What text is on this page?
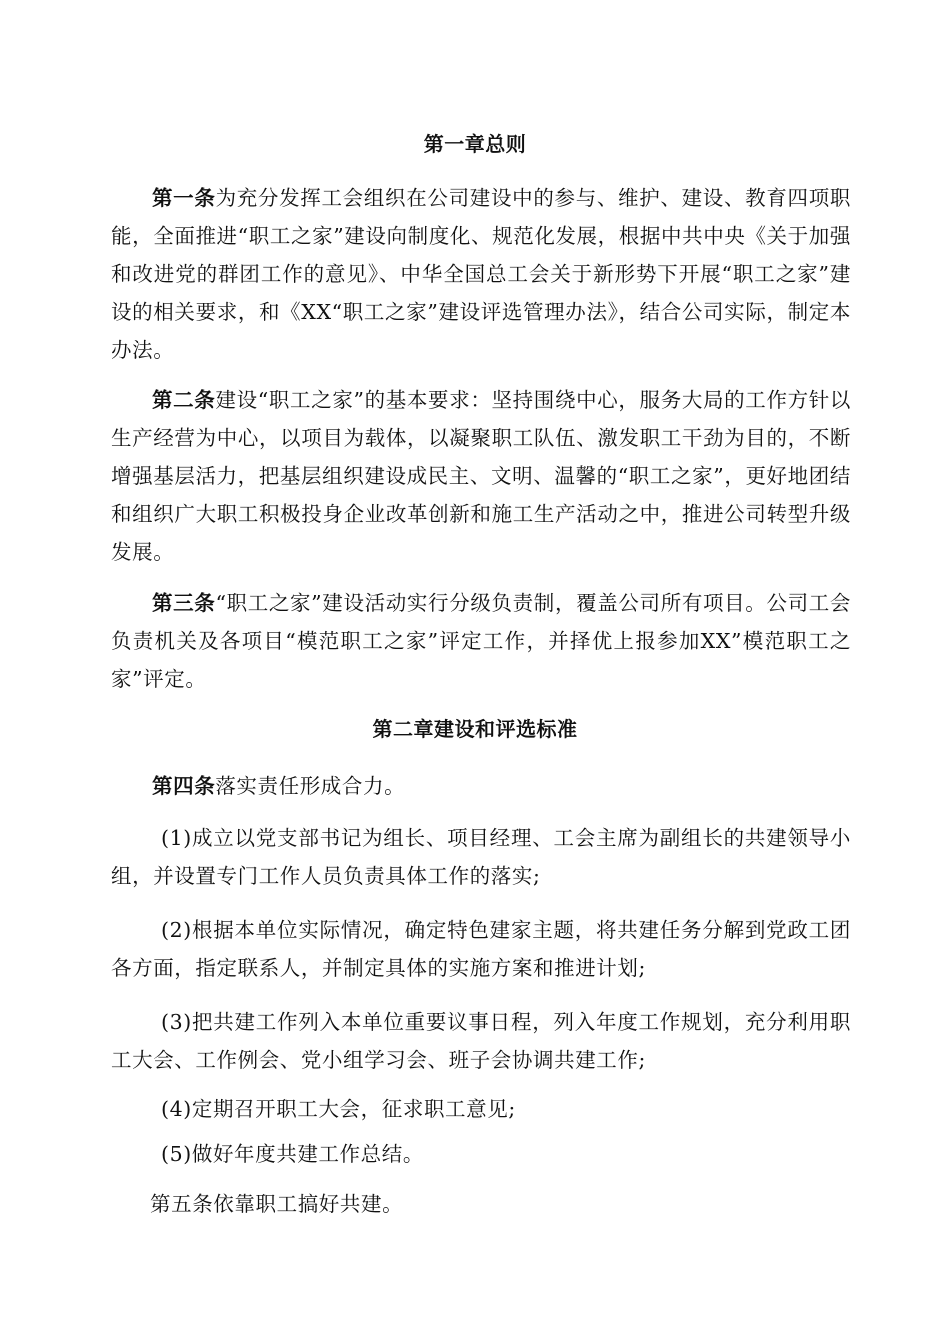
第一章总则
第一条为充分发挥工会组织在公司建设中的参与、维护、建设、教育四项职能，全面推进“职工之家”建设向制度化、规范化发展，根据中共中央《关于加强和改进党的群团工作的意见》、中华全国总工会关于新形势下开展“职工之家”建设的相关要求，和《XX“职工之家”建设评选管理办法》，结合公司实际，制定本办法。
第二条建设“职工之家”的基本要求：坚持围绕中心，服务大局的工作方针以生产经营为中心，以项目为载体，以凝聚职工队伍、激发职工干劲为目的，不断增强基层活力，把基层组织建设成民主、文明、温馨的“职工之家”，更好地团结和组织广大职工积极投身企业改革创新和施工生产活动之中，推进公司转型升级发展。
第三条“职工之家”建设活动实行分级负责制，覆盖公司所有项目。公司工会负责机关及各项目“模范职工之家”评定工作，并择优上报参加XX”模范职工之家”评定。
第二章建设和评选标准
第四条落实责任形成合力。
(1)成立以党支部书记为组长、项目经理、工会主席为副组长的共建领导小组，并设置专门工作人员负责具体工作的落实;
(2)根据本单位实际情况，确定特色建家主题，将共建任务分解到党政工团各方面，指定联系人，并制定具体的实施方案和推进计划;
(3)把共建工作列入本单位重要议事日程，列入年度工作规划，充分利用职工大会、工作例会、党小组学习会、班子会协调共建工作;
(4)定期召开职工大会，征求职工意见;
(5)做好年度共建工作总结。
第五条依靠职工搞好共建。
